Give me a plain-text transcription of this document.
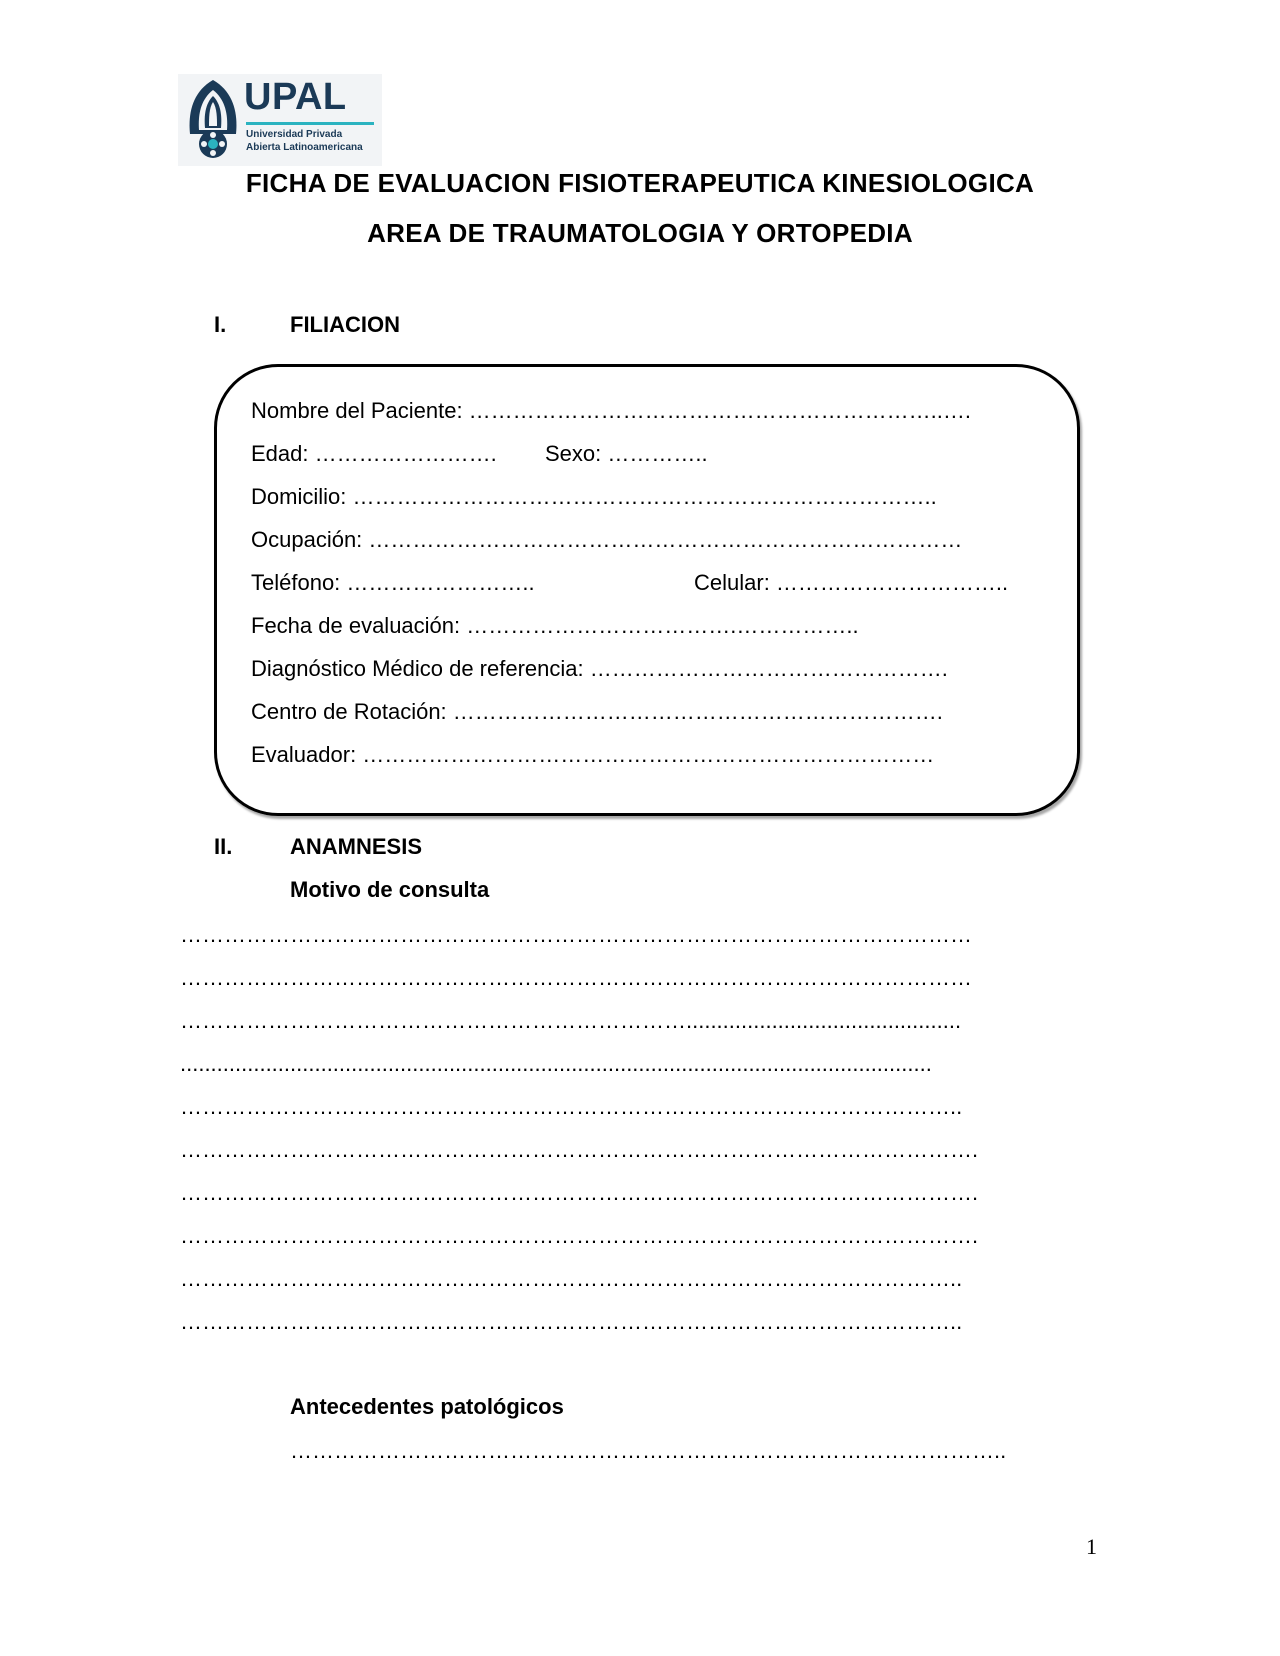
UPAL
Universidad Privada
Abierta Latinoamericana
FICHA DE EVALUACION FISIOTERAPEUTICA KINESIOLOGICA
AREA DE TRAUMATOLOGIA Y ORTOPEDIA
I.	FILIACION
Nombre del Paciente: ………………………………………………………..….
Edad: ……………………. Sexo: …………..
Domicilio: ……………………………………………………………………..
Ocupación: ………………………………………………………………………
Teléfono: ……………………..	Celular: …………………………..
Fecha de evaluación: ……………………………….……………..
Diagnóstico Médico de referencia: ………………………………………….
Centro de Rotación: ………………………………………………………….
Evaluador: ……………………………………………………………………
II.	ANAMNESIS
Motivo de consulta
………………………………………………………………………………………………
………………………………………………………………………………………………
…………………………………………………………….............................................
...........................................................................................................................
……………………………………………………………………………………………..
……………………………………………………………………………………………….
……………………………………………………………………………………………….
……………………………………………………………………………………………….
……………………………………………………………………………………………..
……………………………………………………………………………………………..
Antecedentes patológicos
……………………………………………………………………………………..
1
